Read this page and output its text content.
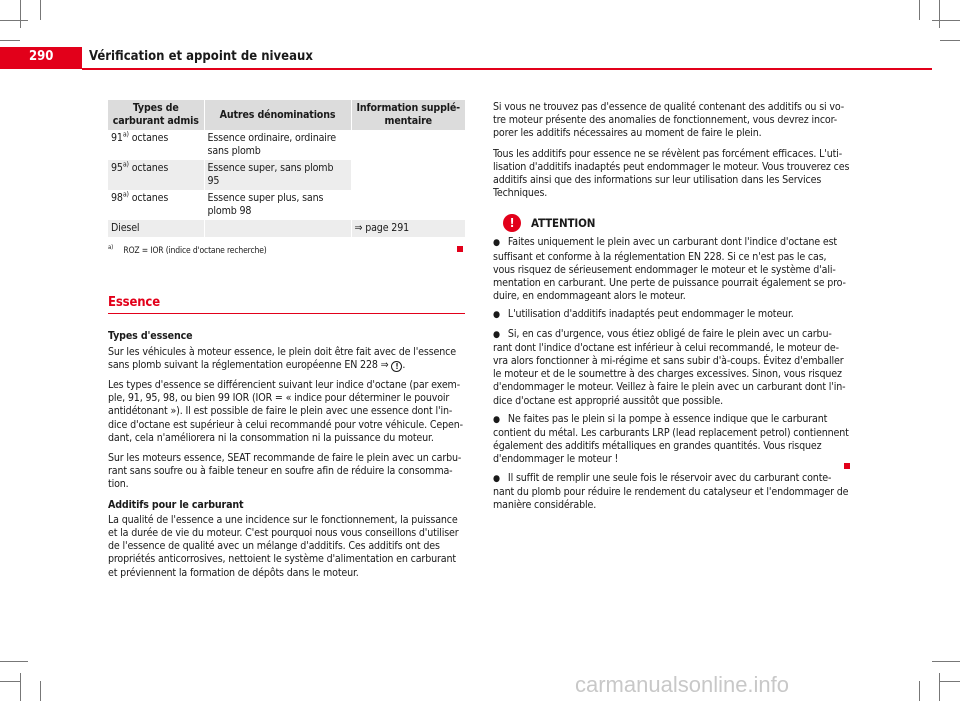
290	Vérification et appoint de niveaux
Types de carburant admis	Autres dénominations	Information supplé-mentaire
91$^{a)}$ octanes	Essence ordinaire, ordinaire sans plomb	
95$^{a)}$ octanes	Essence super, sans plomb 95	
98$^{a)}$ octanes	Essence super plus, sans plomb 98	
Diesel		⇒ page 291
$^{a)}$ ROZ = IOR (indice d'octane recherche)
Essence
Types d'essence

Sur les véhicules à moteur essence, le plein doit être fait avec de l'essence sans plomb suivant la réglementation européenne EN 228 ⇒ ! .

Les types d'essence se différencient suivant leur indice d'octane (par exem-ple, 91, 95, 98, ou bien 99 IOR (IOR = « indice pour déterminer le pouvoir antidétonant »). Il est possible de faire le plein avec une essence dont l'in-dice d'octane est supérieur à celui recommandé pour votre véhicule. Cepen-dant, cela n'améliorera ni la consommation ni la puissance du moteur.

Sur les moteurs essence, SEAT recommande de faire le plein avec un carbu-rant sans soufre ou à faible teneur en soufre afin de réduire la consomma-tion.

Additifs pour le carburant

La qualité de l'essence a une incidence sur le fonctionnement, la puissance et la durée de vie du moteur. C'est pourquoi nous vous conseillons d'utiliser de l'essence de qualité avec un mélange d'additifs. Ces additifs ont des propriétés anticorrosives, nettoient le système d'alimentation en carburant et préviennent la formation de dépôts dans le moteur.

Si vous ne trouvez pas d'essence de qualité contenant des additifs ou si vo-tre moteur présente des anomalies de fonctionnement, vous devrez incor-porer les additifs nécessaires au moment de faire le plein.

Tous les additifs pour essence ne se révèlent pas forcément efficaces. L'uti-lisation d'additifs inadaptés peut endommager le moteur. Vous trouverez ces additifs ainsi que des informations sur leur utilisation dans les Services Techniques.

!	ATTENTION

● Faites uniquement le plein avec un carburant dont l'indice d'octane est suffisant et conforme à la réglementation EN 228. Si ce n'est pas le cas, vous risquez de sérieusement endommager le moteur et le système d'ali-mentation en carburant. Une perte de puissance pourrait également se pro-duire, en endommageant alors le moteur.

● L'utilisation d'additifs inadaptés peut endommager le moteur.

● Si, en cas d'urgence, vous étiez obligé de faire le plein avec un carbu-rant dont l'indice d'octane est inférieur à celui recommandé, le moteur de-vra alors fonctionner à mi-régime et sans subir d'à-coups. Évitez d'emballer le moteur et de le soumettre à des charges excessives. Sinon, vous risquez d'endommager le moteur. Veillez à faire le plein avec un carburant dont l'in-dice d'octane est approprié aussitôt que possible.

● Ne faites pas le plein si la pompe à essence indique que le carburant contient du métal. Les carburants LRP (lead replacement petrol) contiennent également des additifs métalliques en grandes quantités. Vous risquez d'endommager le moteur !

● Il suffit de remplir une seule fois le réservoir avec du carburant conte-nant du plomb pour réduire le rendement du catalyseur et l'endommager de manière considérable.

carmanualsonline.info
